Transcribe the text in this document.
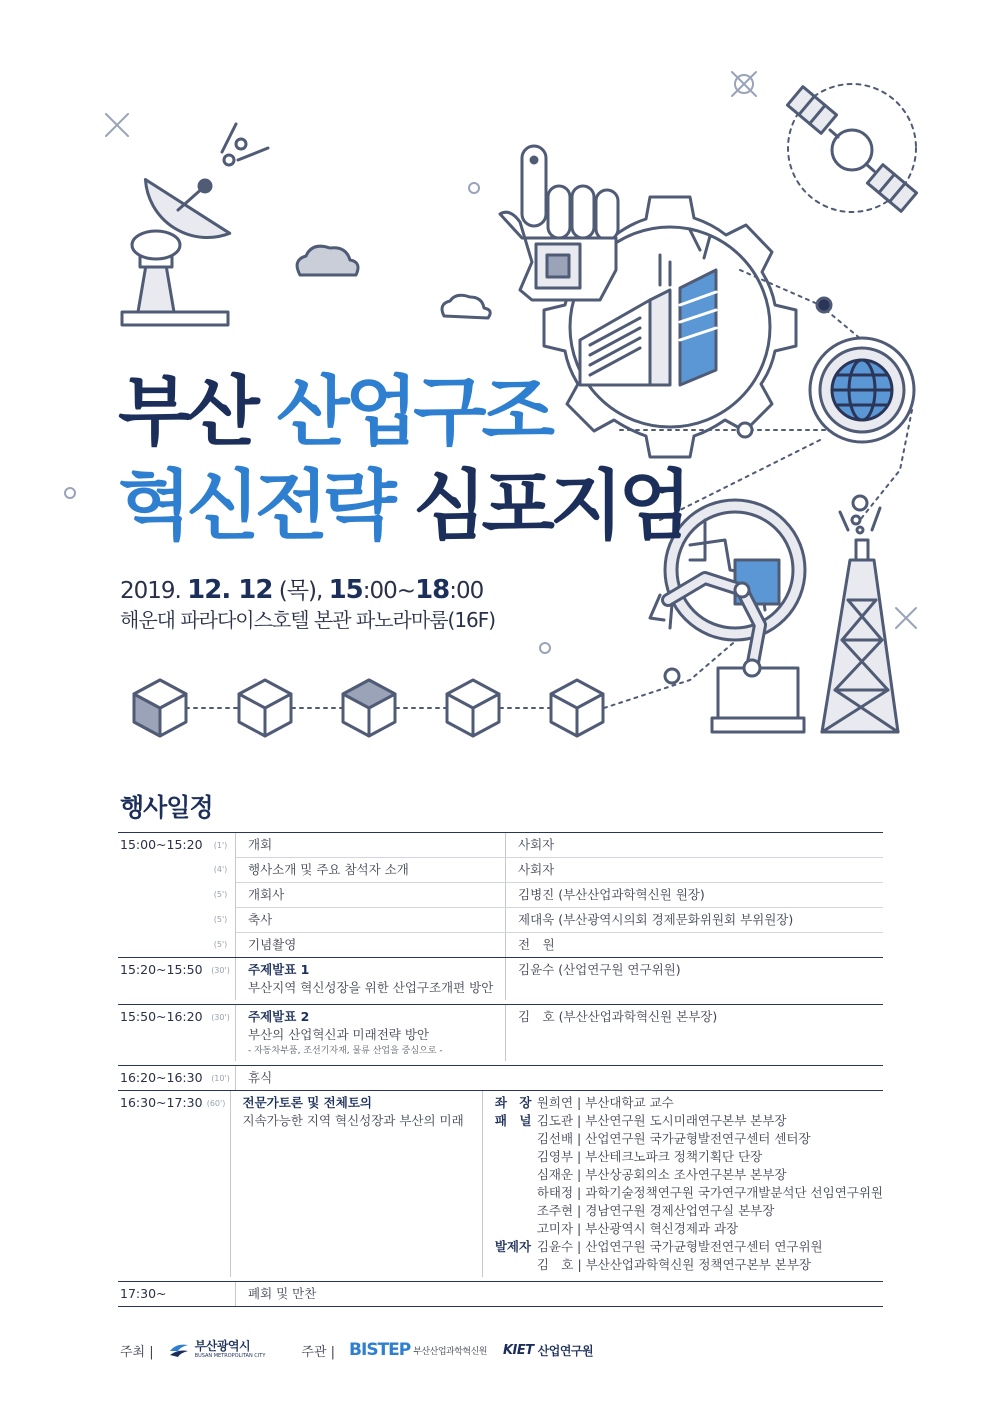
부산 산업구조
혁신전략 심포지엄
2019. 12. 12 (목), 15:00~18:00
해운대 파라다이스호텔 본관 파노라마룸(16F)
행사일정
15:00~15:20	(1')	개회	사회자
(4')	행사소개 및 주요 참석자 소개	사회자
(5')	개회사	김병진 (부산산업과학혁신원 원장)
(5')	축사	제대욱 (부산광역시의회 경제문화위원회 부위원장)
(5')	기념촬영	전　원
15:20~15:50	(30')	주제발표 1
부산지역 혁신성장을 위한 산업구조개편 방안
김윤수 (산업연구원 연구위원)
15:50~16:20	(30')	주제발표 2
부산의 산업혁신과 미래전략 방안
- 자동차부품, 조선기자재, 물류 산업을 중심으로 -
김　호 (부산산업과학혁신원 본부장)
16:20~16:30	(10')	휴식
16:30~17:30 (60')	전문가토론 및 전체토의
지속가능한 지역 혁신성장과 부산의 미래
좌　장 원희연 | 부산대학교 교수
패　널 김도관 | 부산연구원 도시미래연구본부 본부장
김선배 | 산업연구원 국가균형발전연구센터 센터장
김영부 | 부산테크노파크 정책기획단 단장
심재운 | 부산상공회의소 조사연구본부 본부장
하태정 | 과학기술정책연구원 국가연구개발분석단 선임연구위원
조주현 | 경남연구원 경제산업연구실 본부장
고미자 | 부산광역시 혁신경제과 과장
발제자 김윤수 | 산업연구원 국가균형발전연구센터 연구위원
김　호 | 부산산업과학혁신원 정책연구본부 본부장
17:30~	폐회 및 만찬
주최 |	부산광역시
BUSAN METROPOLITAN CITY	주관 | BISTEP 부산산업과학혁신원 KIET 산업연구원
